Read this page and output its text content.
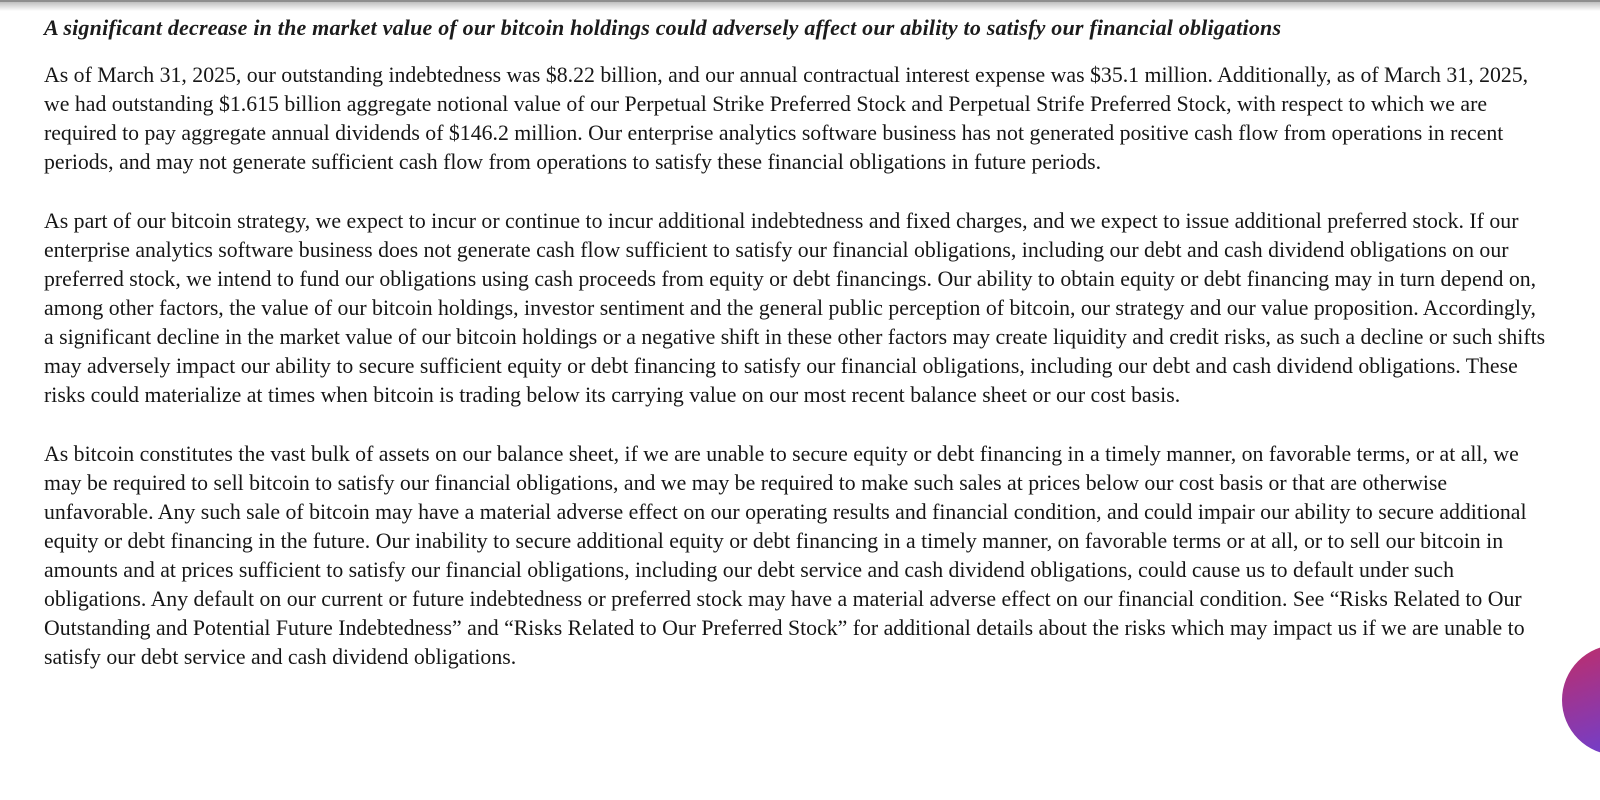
A significant decrease in the market value of our bitcoin holdings could adversely affect our ability to satisfy our financial obligations

As of March 31, 2025, our outstanding indebtedness was $8.22 billion, and our annual contractual interest expense was $35.1 million. Additionally, as of March 31, 2025, we had outstanding $1.615 billion aggregate notional value of our Perpetual Strike Preferred Stock and Perpetual Strife Preferred Stock, with respect to which we are required to pay aggregate annual dividends of $146.2 million. Our enterprise analytics software business has not generated positive cash flow from operations in recent periods, and may not generate sufficient cash flow from operations to satisfy these financial obligations in future periods.

As part of our bitcoin strategy, we expect to incur or continue to incur additional indebtedness and fixed charges, and we expect to issue additional preferred stock. If our enterprise analytics software business does not generate cash flow sufficient to satisfy our financial obligations, including our debt and cash dividend obligations on our preferred stock, we intend to fund our obligations using cash proceeds from equity or debt financings. Our ability to obtain equity or debt financing may in turn depend on, among other factors, the value of our bitcoin holdings, investor sentiment and the general public perception of bitcoin, our strategy and our value proposition. Accordingly, a significant decline in the market value of our bitcoin holdings or a negative shift in these other factors may create liquidity and credit risks, as such a decline or such shifts may adversely impact our ability to secure sufficient equity or debt financing to satisfy our financial obligations, including our debt and cash dividend obligations. These risks could materialize at times when bitcoin is trading below its carrying value on our most recent balance sheet or our cost basis.

As bitcoin constitutes the vast bulk of assets on our balance sheet, if we are unable to secure equity or debt financing in a timely manner, on favorable terms, or at all, we may be required to sell bitcoin to satisfy our financial obligations, and we may be required to make such sales at prices below our cost basis or that are otherwise unfavorable. Any such sale of bitcoin may have a material adverse effect on our operating results and financial condition, and could impair our ability to secure additional equity or debt financing in the future. Our inability to secure additional equity or debt financing in a timely manner, on favorable terms or at all, or to sell our bitcoin in amounts and at prices sufficient to satisfy our financial obligations, including our debt service and cash dividend obligations, could cause us to default under such obligations. Any default on our current or future indebtedness or preferred stock may have a material adverse effect on our financial condition. See “Risks Related to Our Outstanding and Potential Future Indebtedness” and “Risks Related to Our Preferred Stock” for additional details about the risks which may impact us if we are unable to satisfy our debt service and cash dividend obligations.
